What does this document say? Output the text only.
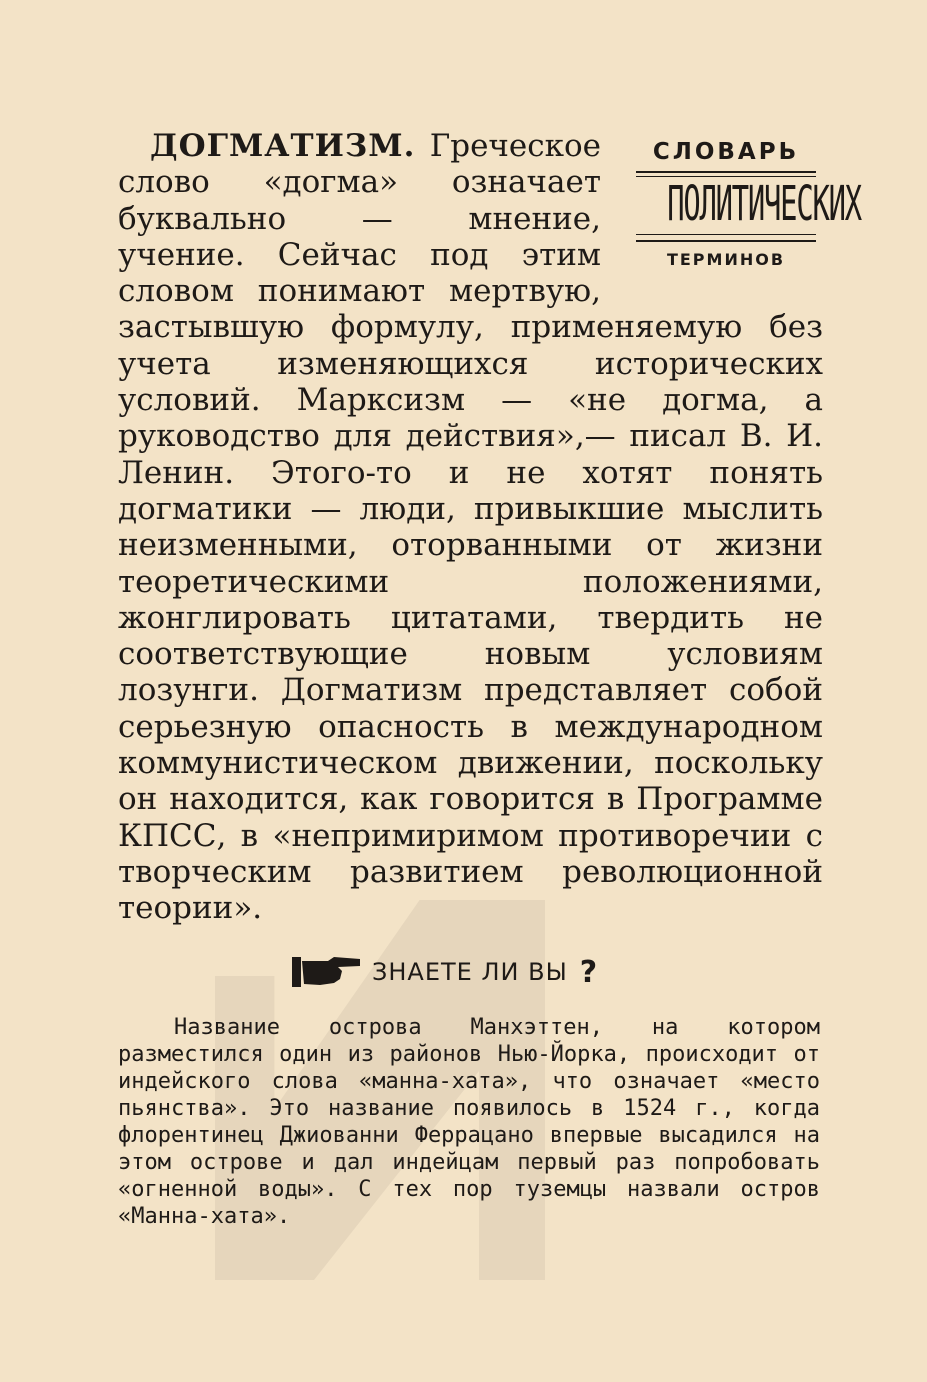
СЛОВАРЬ
ПОЛИТИЧЕСКИХ
ТЕРМИНОВ
ДОГМАТИЗМ. Греческое слово «догма» означает буквально — мнение, учение. Сейчас под этим словом понимают мертвую, застывшую формулу, применяемую без учета изменяющихся исторических условий. Марксизм — «не догма, а руководство для действия»,— писал В. И. Ленин. Этого-то и не хотят понять догматики — люди, привыкшие мыслить неизменными, оторванными от жизни теоретическими положениями, жонглировать цитатами, твердить не соответствующие новым условиям лозунги. Догматизм представляет собой серьезную опасность в международном коммунистическом движении, поскольку он находится, как говорится в Программе КПСС, в «непримиримом противоречии с творческим развитием революционной теории».
ЗНАЕТЕ ЛИ ВЫ ?
Название острова Манхэттен, на котором разместился один из районов Нью-Йорка, происходит от индейского слова «манна-хата», что означает «место пьянства». Это название появилось в 1524 г., когда флорентинец Джиованни Феррацано впервые высадился на этом острове и дал индейцам первый раз попробовать «огненной воды». С тех пор туземцы назвали остров «Манна-хата».
